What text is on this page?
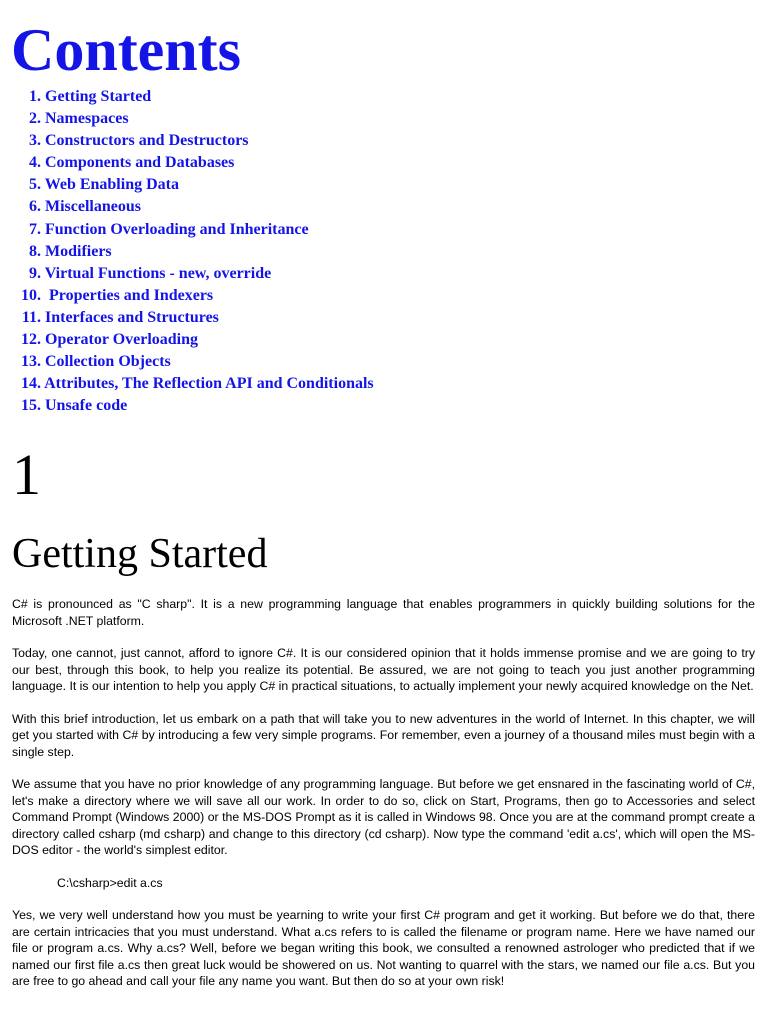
Contents
1. Getting Started
2. Namespaces
3. Constructors and Destructors
4. Components and Databases
5. Web Enabling Data
6. Miscellaneous
7. Function Overloading and Inheritance
8. Modifiers
9. Virtual Functions - new, override
10.  Properties and Indexers
11. Interfaces and Structures
12. Operator Overloading
13. Collection Objects
14. Attributes, The Reflection API and Conditionals
15. Unsafe code
1
Getting Started

C# is pronounced as "C sharp". It is a new programming language that enables programmers in quickly building solutions for the Microsoft .NET platform.

Today, one cannot, just cannot, afford to ignore C#. It is our considered opinion that it holds immense promise and we are going to try our best, through this book, to help you realize its potential. Be assured, we are not going to teach you just another programming language. It is our intention to help you apply C# in practical situations, to actually implement your newly acquired knowledge on the Net.

With this brief introduction, let us embark on a path that will take you to new adventures in the world of Internet. In this chapter, we will get you started with C# by introducing a few very simple programs. For remember, even a journey of a thousand miles must begin with a single step.

We assume that you have no prior knowledge of any programming language. But before we get ensnared in the fascinating world of C#, let's make a directory where we will save all our work. In order to do so, click on Start, Programs, then go to Accessories and select Command Prompt (Windows 2000) or the MS-DOS Prompt as it is called in Windows 98. Once you are at the command prompt create a directory called csharp (md csharp) and change to this directory (cd csharp). Now type the command 'edit a.cs', which will open the MS-DOS editor - the world's simplest editor.

C:\csharp>edit a.cs

Yes, we very well understand how you must be yearning to write your first C# program and get it working. But before we do that, there are certain intricacies that you must understand. What a.cs refers to is called the filename or program name. Here we have named our file or program a.cs. Why a.cs? Well, before we began writing this book, we consulted a renowned astrologer who predicted that if we named our first file a.cs then great luck would be showered on us. Not wanting to quarrel with the stars, we named our file a.cs. But you are free to go ahead and call your file any name you want. But then do so at your own risk!
